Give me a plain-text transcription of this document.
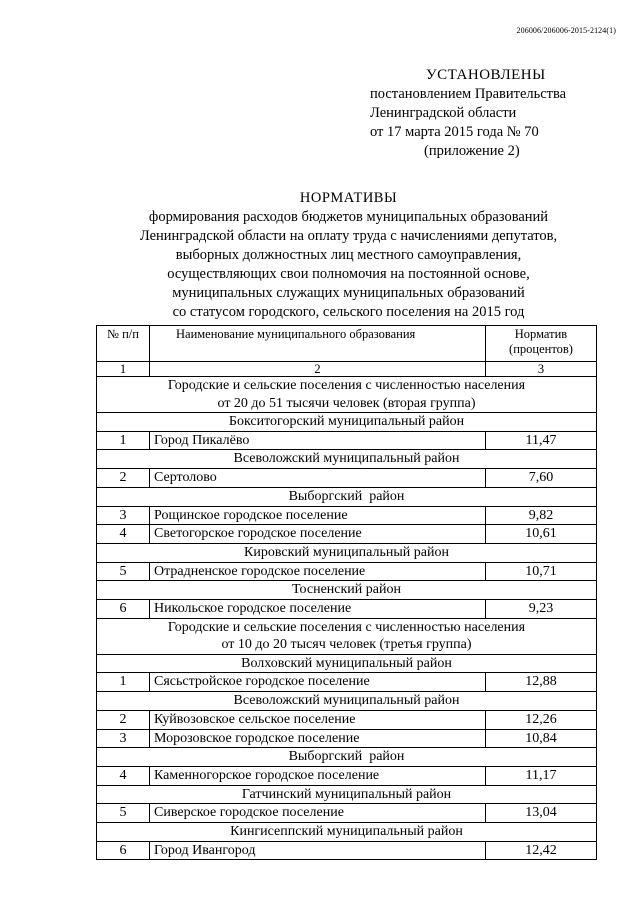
206006/206006-2015-2124(1)
УСТАНОВЛЕНЫ
постановлением Правительства
Ленинградской области
от 17 марта 2015 года № 70
(приложение 2)
НОРМАТИВЫ
формирования расходов бюджетов муниципальных образований
Ленинградской области на оплату труда с начислениями депутатов,
выборных должностных лиц местного самоуправления,
осуществляющих свои полномочия на постоянной основе,
муниципальных служащих муниципальных образований
со статусом городского, сельского поселения на 2015 год
№ п/п	Наименование муниципального образования	Норматив (процентов)
1	2	3

Городские и сельские поселения с численностью населения
от 20 до 51 тысячи человек (вторая группа)		

Бокситогорский муниципальный район		
1	Город Пикалёво	11,47
Всеволожский муниципальный район		
2	Сертолово	7,60
Выборгский  район		
3	Рощинское городское поселение	9,82
4	Светогорское городское поселение	10,61
Кировский муниципальный район		
5	Отрадненское городское поселение	10,71
Тосненский район		
6	Никольское городское поселение	9,23

Городские и сельские поселения с численностью населения
от 10 до 20 тысяч человек (третья группа)		

Волховский муниципальный район		
1	Сясьстройское городское поселение	12,88
Всеволожский муниципальный район		
2	Куйвозовское сельское поселение	12,26
3	Морозовское городское поселение	10,84
Выборгский  район		
4	Каменногорское городское поселение	11,17
Гатчинский муниципальный район		
5	Сиверское городское поселение	13,04
Кингисеппский муниципальный район		
6	Город Ивангород	12,42
